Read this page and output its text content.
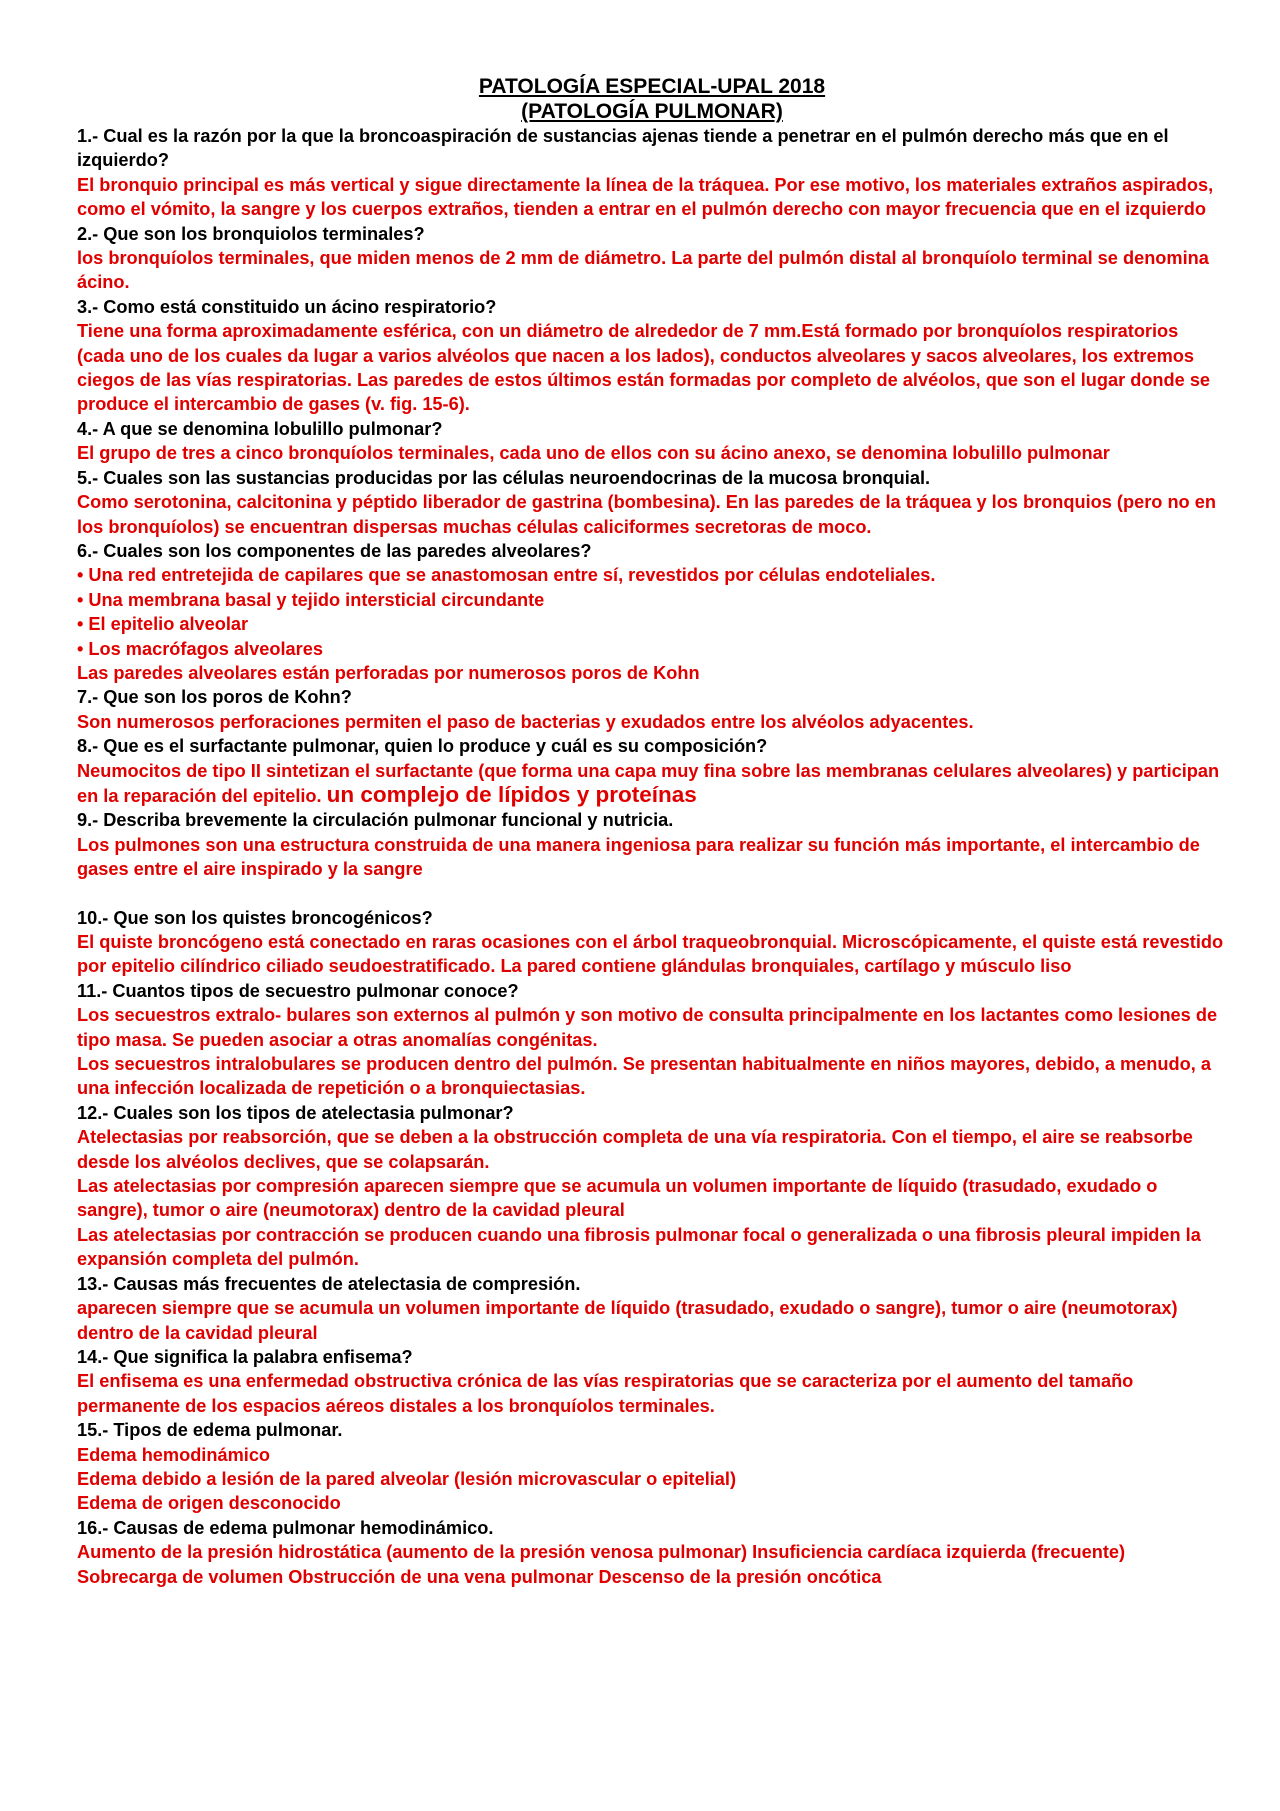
PATOLOGÍA ESPECIAL-UPAL 2018

(PATOLOGÍA PULMONAR)

1.- Cual es la razón por la que la broncoaspiración de sustancias ajenas tiende a penetrar en el pulmón derecho más que en el izquierdo?

El bronquio principal es más vertical y sigue directamente la línea de la tráquea. Por ese motivo, los materiales extraños aspirados, como el vómito, la sangre y los cuerpos extraños, tienden a entrar en el pulmón derecho con mayor frecuencia que en el izquierdo

2.- Que son los bronquiolos terminales?

los bronquíolos terminales, que miden menos de 2 mm de diámetro. La parte del pulmón distal al bronquíolo terminal se denomina ácino.

3.- Como está constituido un ácino respiratorio?

Tiene una forma aproximadamente esférica, con un diámetro de alrededor de 7 mm.Está formado por bronquíolos respiratorios (cada uno de los cuales da lugar a varios alvéolos que nacen a los lados), conductos alveolares y sacos alveolares, los extremos ciegos de las vías respiratorias. Las paredes de estos últimos están formadas por completo de alvéolos, que son el lugar donde se produce el intercambio de gases (v. fig. 15-6).

4.- A que se denomina lobulillo pulmonar?

El grupo de tres a cinco bronquíolos terminales, cada uno de ellos con su ácino anexo, se denomina lobulillo pulmonar

5.- Cuales son las sustancias producidas por las células neuroendocrinas de la mucosa bronquial.

Como serotonina, calcitonina y péptido liberador de gastrina (bombesina). En las paredes de la tráquea y los bronquios (pero no en los bronquíolos) se encuentran dispersas muchas células caliciformes secretoras de moco.

6.- Cuales son los componentes de las paredes alveolares?

• Una red entretejida de capilares que se anastomosan entre sí, revestidos por células endoteliales.

• Una membrana basal y tejido intersticial circundante

• El epitelio alveolar

• Los macrófagos alveolares

Las paredes alveolares están perforadas por numerosos poros de Kohn

7.- Que son los poros de Kohn?

Son numerosos perforaciones permiten el paso de bacterias y exudados entre los alvéolos adyacentes.

8.- Que es el surfactante pulmonar, quien lo produce y cuál es su composición?

Neumocitos de tipo II sintetizan el surfactante (que forma una capa muy fina sobre las membranas celulares alveolares) y participan en la reparación del epitelio. un complejo de lípidos y proteínas

9.- Describa brevemente la circulación pulmonar funcional y nutricia.

Los pulmones son una estructura construida de una manera ingeniosa para realizar su función más importante, el intercambio de gases entre el aire inspirado y la sangre

10.- Que son los quistes broncogénicos?

El quiste broncógeno está conectado en raras ocasiones con el árbol traqueobronquial. Microscópicamente, el quiste está revestido por epitelio cilíndrico ciliado seudoestratificado. La pared contiene glándulas bronquiales, cartílago y músculo liso

11.- Cuantos tipos de secuestro pulmonar conoce?

Los secuestros extralo- bulares son externos al pulmón y son motivo de consulta principalmente en los lactantes como lesiones de tipo masa. Se pueden asociar a otras anomalías congénitas.

Los secuestros intralobulares se producen dentro del pulmón. Se presentan habitualmente en niños mayores, debido, a menudo, a una infección localizada de repetición o a bronquiectasias.

12.- Cuales son los tipos de atelectasia pulmonar?

Atelectasias por reabsorción, que se deben a la obstrucción completa de una vía respiratoria. Con el tiempo, el aire se reabsorbe desde los alvéolos declives, que se colapsarán.

Las atelectasias por compresión aparecen siempre que se acumula un volumen importante de líquido (trasudado, exudado o sangre), tumor o aire (neumotorax) dentro de la cavidad pleural

Las atelectasias por contracción se producen cuando una fibrosis pulmonar focal o generalizada o una fibrosis pleural impiden la expansión completa del pulmón.

13.- Causas más frecuentes de atelectasia de compresión.

aparecen siempre que se acumula un volumen importante de líquido (trasudado, exudado o sangre), tumor o aire (neumotorax) dentro de la cavidad pleural

14.- Que significa la palabra enfisema?

El enfisema es una enfermedad obstructiva crónica de las vías respiratorias que se caracteriza por el aumento del tamaño permanente de los espacios aéreos distales a los bronquíolos terminales.

15.- Tipos de edema pulmonar.

Edema hemodinámico

Edema debido a lesión de la pared alveolar (lesión microvascular o epitelial)

Edema de origen desconocido

16.- Causas de edema pulmonar hemodinámico.

Aumento de la presión hidrostática (aumento de la presión venosa pulmonar) Insuficiencia cardíaca izquierda (frecuente) Sobrecarga de volumen Obstrucción de una vena pulmonar Descenso de la presión oncótica
